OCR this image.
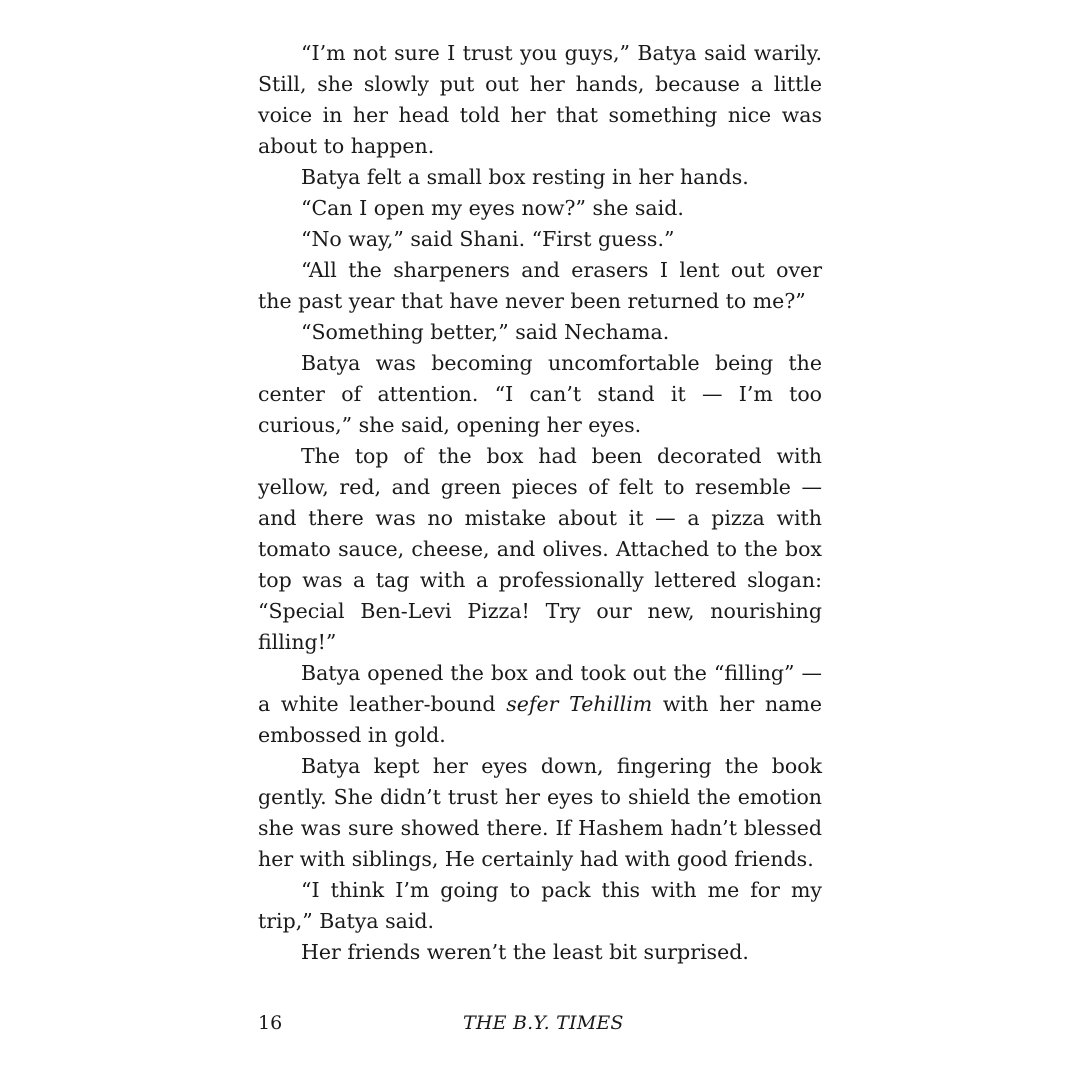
“I’m not sure I trust you guys,” Batya said warily. Still, she slowly put out her hands, because a little voice in her head told her that something nice was about to happen.

Batya felt a small box resting in her hands.

“Can I open my eyes now?” she said.

“No way,” said Shani. “First guess.”

“All the sharpeners and erasers I lent out over the past year that have never been returned to me?”

“Something better,” said Nechama.

Batya was becoming uncomfortable being the center of attention. “I can’t stand it — I’m too curious,” she said, opening her eyes.

The top of the box had been decorated with yellow, red, and green pieces of felt to resemble — and there was no mistake about it — a pizza with tomato sauce, cheese, and olives. Attached to the box top was a tag with a professionally lettered slogan: “Special Ben-Levi Pizza! Try our new, nourishing filling!”

Batya opened the box and took out the “filling” — a white leather-bound sefer Tehillim with her name embossed in gold.

Batya kept her eyes down, fingering the book gently. She didn’t trust her eyes to shield the emotion she was sure showed there. If Hashem hadn’t blessed her with siblings, He certainly had with good friends.

“I think I’m going to pack this with me for my trip,” Batya said.

Her friends weren’t the least bit surprised.

16	THE B.Y. TIMES
